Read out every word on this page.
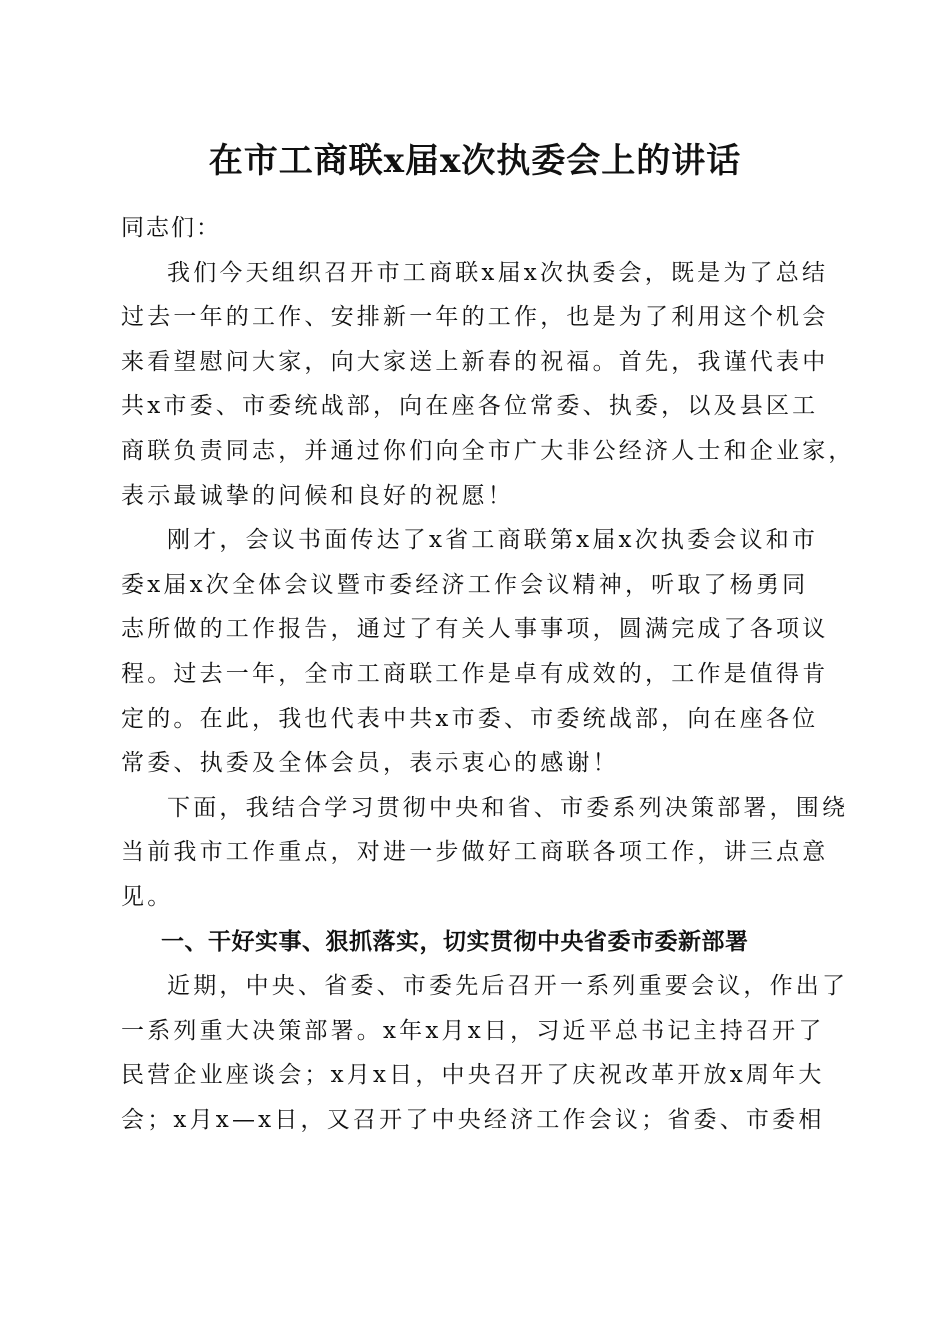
在市工商联x届x次执委会上的讲话

同志们：

我们今天组织召开市工商联x届x次执委会，既是为了总结

过去一年的工作、安排新一年的工作，也是为了利用这个机会

来看望慰问大家，向大家送上新春的祝福。首先，我谨代表中

共x市委、市委统战部，向在座各位常委、执委，以及县区工

商联负责同志，并通过你们向全市广大非公经济人士和企业家，

表示最诚挚的问候和良好的祝愿！

刚才，会议书面传达了x省工商联第x届x次执委会议和市

委x届x次全体会议暨市委经济工作会议精神，听取了杨勇同

志所做的工作报告，通过了有关人事事项，圆满完成了各项议

程。过去一年，全市工商联工作是卓有成效的，工作是值得肯

定的。在此，我也代表中共x市委、市委统战部，向在座各位

常委、执委及全体会员，表示衷心的感谢！

下面，我结合学习贯彻中央和省、市委系列决策部署，围绕

当前我市工作重点，对进一步做好工商联各项工作，讲三点意

见。

一、干好实事、狠抓落实，切实贯彻中央省委市委新部署

近期，中央、省委、市委先后召开一系列重要会议，作出了

一系列重大决策部署。x年x月x日，习近平总书记主持召开了

民营企业座谈会；x月x日，中央召开了庆祝改革开放x周年大

会；x月x—x日，又召开了中央经济工作会议；省委、市委相
